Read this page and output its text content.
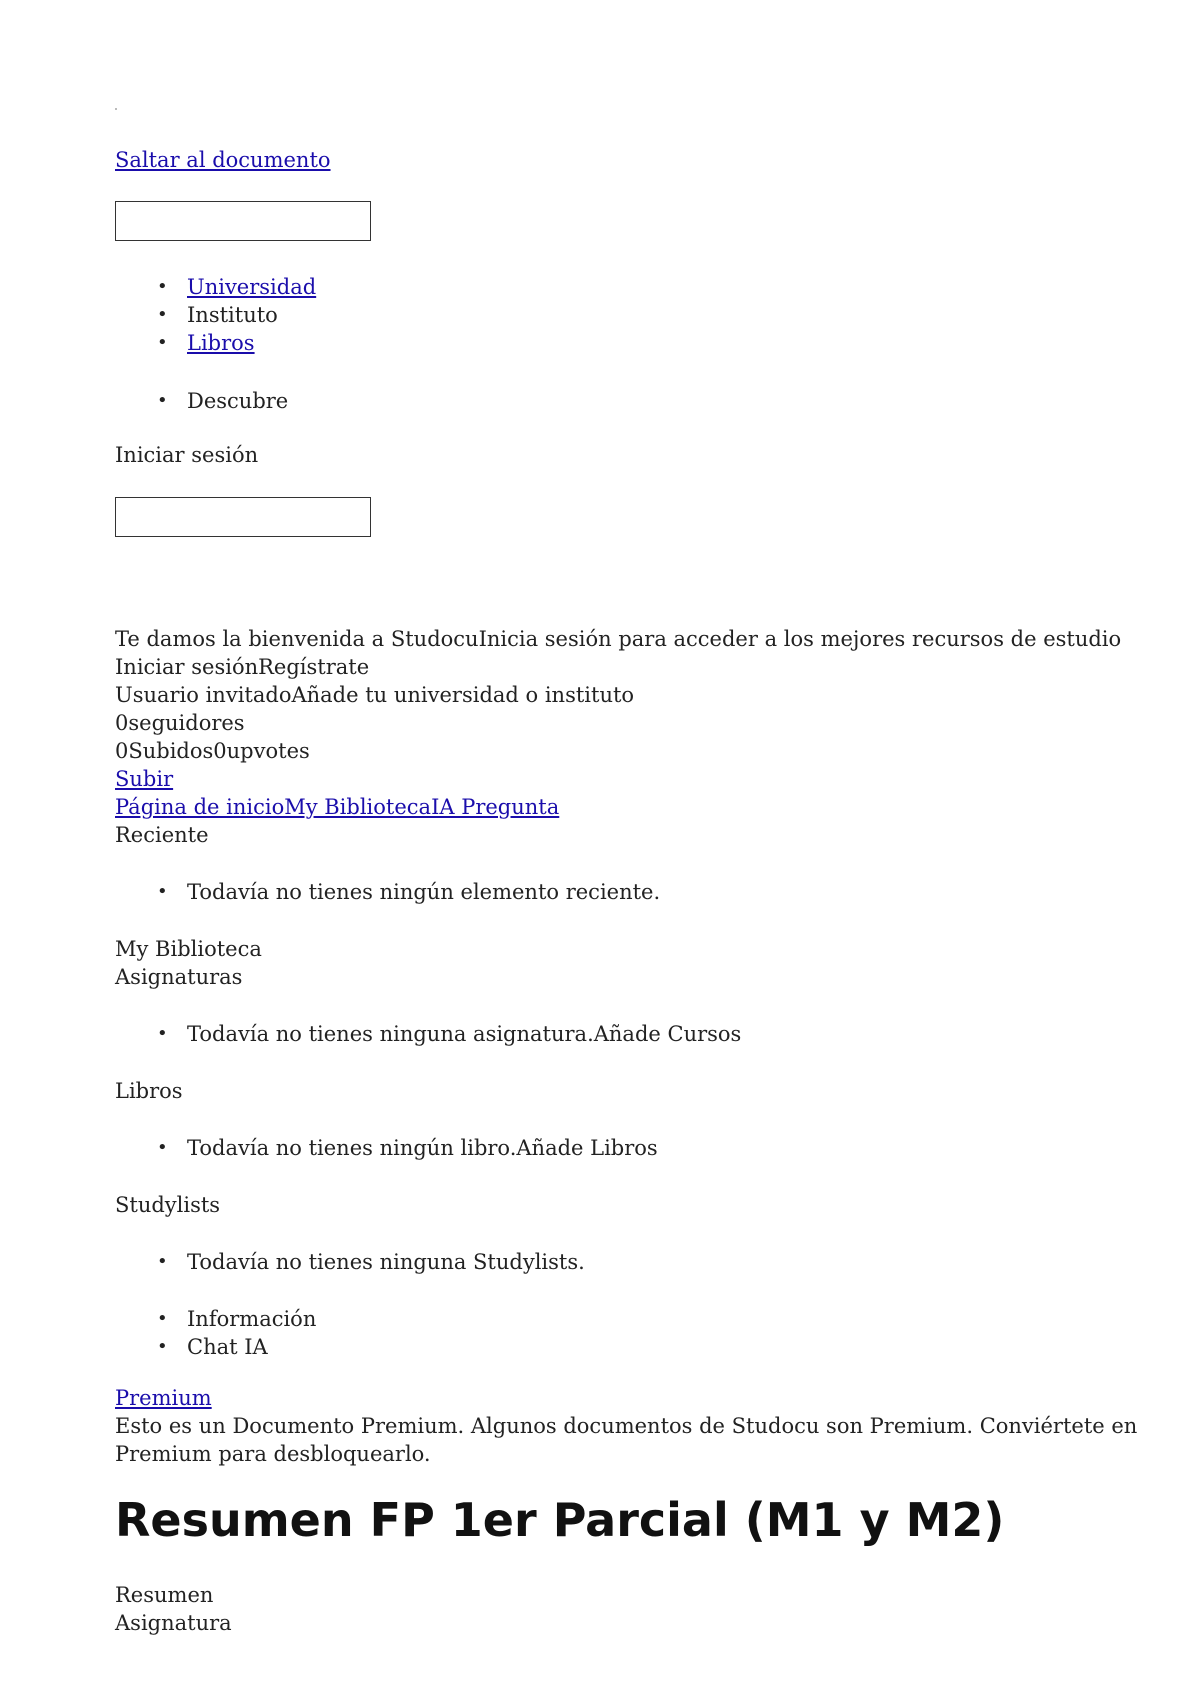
Saltar al documento
• Universidad
• Instituto
• Libros
• Descubre
Iniciar sesión
Te damos la bienvenida a StudocuInicia sesión para acceder a los mejores recursos de estudio
Iniciar sesiónRegístrate
Usuario invitadoAñade tu universidad o instituto
0seguidores
0Subidos0upvotes
Subir
Página de inicioMy BibliotecaIA Pregunta
Reciente
• Todavía no tienes ningún elemento reciente.
My Biblioteca
Asignaturas
• Todavía no tienes ninguna asignatura.Añade Cursos
Libros
• Todavía no tienes ningún libro.Añade Libros
Studylists
• Todavía no tienes ninguna Studylists.
• Información
• Chat IA
Premium
Esto es un Documento Premium. Algunos documentos de Studocu son Premium. Conviértete en Premium para desbloquearlo.
Resumen FP 1er Parcial (M1 y M2)
Resumen
Asignatura
